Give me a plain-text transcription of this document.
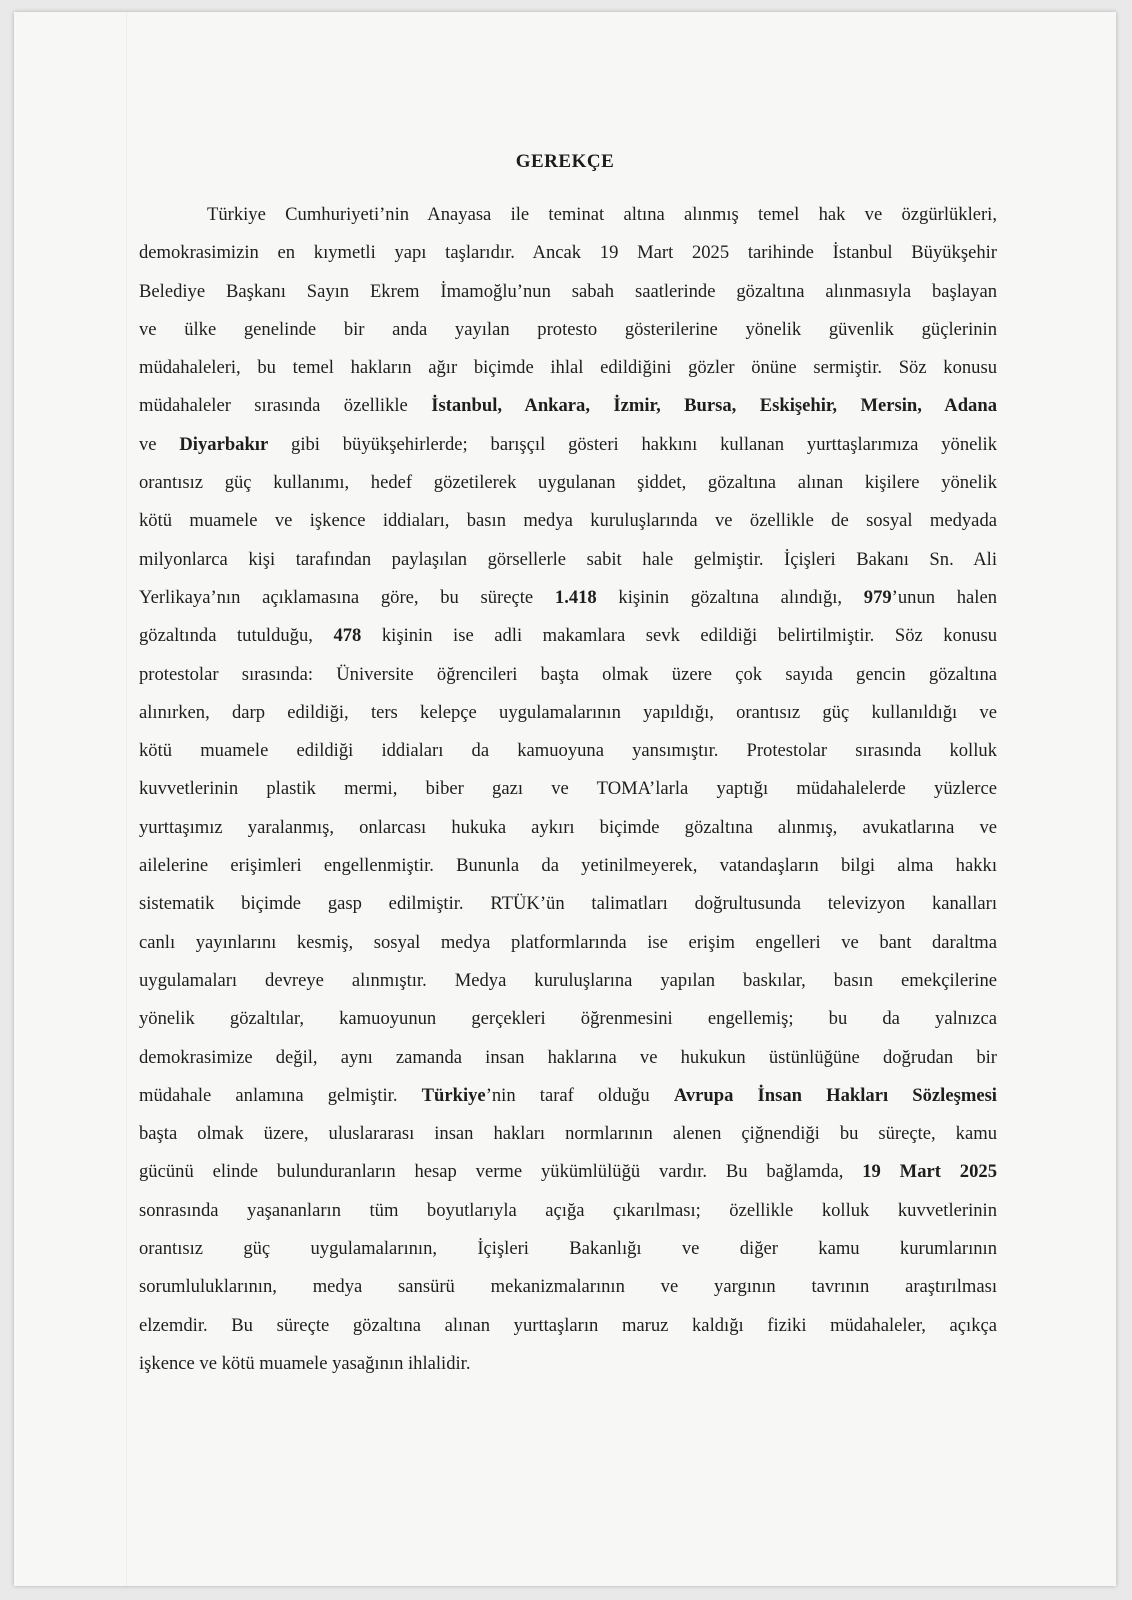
GEREKÇE

Türkiye Cumhuriyeti’nin Anayasa ile teminat altına alınmış temel hak ve özgürlükleri,
demokrasimizin en kıymetli yapı taşlarıdır. Ancak 19 Mart 2025 tarihinde İstanbul Büyükşehir
Belediye Başkanı Sayın Ekrem İmamoğlu’nun sabah saatlerinde gözaltına alınmasıyla başlayan
ve ülke genelinde bir anda yayılan protesto gösterilerine yönelik güvenlik güçlerinin
müdahaleleri, bu temel hakların ağır biçimde ihlal edildiğini gözler önüne sermiştir. Söz konusu
müdahaleler sırasında özellikle İstanbul, Ankara, İzmir, Bursa, Eskişehir, Mersin, Adana
ve Diyarbakır gibi büyükşehirlerde; barışçıl gösteri hakkını kullanan yurttaşlarımıza yönelik
orantısız güç kullanımı, hedef gözetilerek uygulanan şiddet, gözaltına alınan kişilere yönelik
kötü muamele ve işkence iddiaları, basın medya kuruluşlarında ve özellikle de sosyal medyada
milyonlarca kişi tarafından paylaşılan görsellerle sabit hale gelmiştir. İçişleri Bakanı Sn. Ali
Yerlikaya’nın açıklamasına göre, bu süreçte 1.418 kişinin gözaltına alındığı, 979’unun halen
gözaltında tutulduğu, 478 kişinin ise adli makamlara sevk edildiği belirtilmiştir. Söz konusu
protestolar sırasında: Üniversite öğrencileri başta olmak üzere çok sayıda gencin gözaltına
alınırken, darp edildiği, ters kelepçe uygulamalarının yapıldığı, orantısız güç kullanıldığı ve
kötü muamele edildiği iddiaları da kamuoyuna yansımıştır. Protestolar sırasında kolluk
kuvvetlerinin plastik mermi, biber gazı ve TOMA’larla yaptığı müdahalelerde yüzlerce
yurttaşımız yaralanmış, onlarcası hukuka aykırı biçimde gözaltına alınmış, avukatlarına ve
ailelerine erişimleri engellenmiştir. Bununla da yetinilmeyerek, vatandaşların bilgi alma hakkı
sistematik biçimde gasp edilmiştir. RTÜK’ün talimatları doğrultusunda televizyon kanalları
canlı yayınlarını kesmiş, sosyal medya platformlarında ise erişim engelleri ve bant daraltma
uygulamaları devreye alınmıştır. Medya kuruluşlarına yapılan baskılar, basın emekçilerine
yönelik gözaltılar, kamuoyunun gerçekleri öğrenmesini engellemiş; bu da yalnızca
demokrasimize değil, aynı zamanda insan haklarına ve hukukun üstünlüğüne doğrudan bir
müdahale anlamına gelmiştir. Türkiye’nin taraf olduğu Avrupa İnsan Hakları Sözleşmesi
başta olmak üzere, uluslararası insan hakları normlarının alenen çiğnendiği bu süreçte, kamu
gücünü elinde bulunduranların hesap verme yükümlülüğü vardır. Bu bağlamda, 19 Mart 2025
sonrasında yaşananların tüm boyutlarıyla açığa çıkarılması; özellikle kolluk kuvvetlerinin
orantısız güç uygulamalarının, İçişleri Bakanlığı ve diğer kamu kurumlarının
sorumluluklarının, medya sansürü mekanizmalarının ve yargının tavrının araştırılması
elzemdir. Bu süreçte gözaltına alınan yurttaşların maruz kaldığı fiziki müdahaleler, açıkça
işkence ve kötü muamele yasağının ihlalidir.
